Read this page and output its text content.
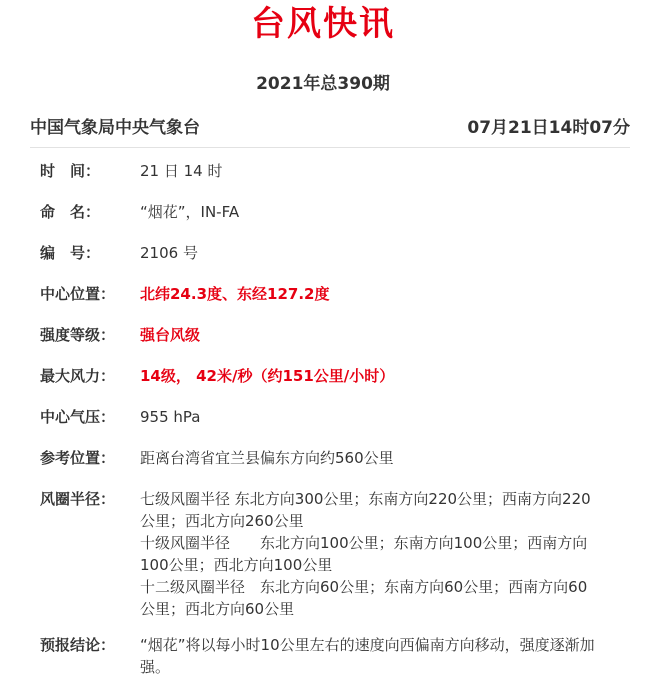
台风快讯
2021年总390期
中国气象局中央气象台	07月21日14时07分
时　间：	21 日 14 时
命　名：	“烟花”，IN-FA
编　号：	2106 号
中心位置：	北纬24.3度、东经127.2度
强度等级：	强台风级
最大风力：	14级， 42米/秒（约151公里/小时）
中心气压：	955 hPa
参考位置：	距离台湾省宜兰县偏东方向约560公里
风圈半径：	七级风圈半径 东北方向300公里；东南方向220公里；西南方向220
公里；西北方向260公里
十级风圈半径　　东北方向100公里；东南方向100公里；西南方向
100公里；西北方向100公里
十二级风圈半径　东北方向60公里；东南方向60公里；西南方向60
公里；西北方向60公里
预报结论：	“烟花”将以每小时10公里左右的速度向西偏南方向移动，强度逐渐加强。
